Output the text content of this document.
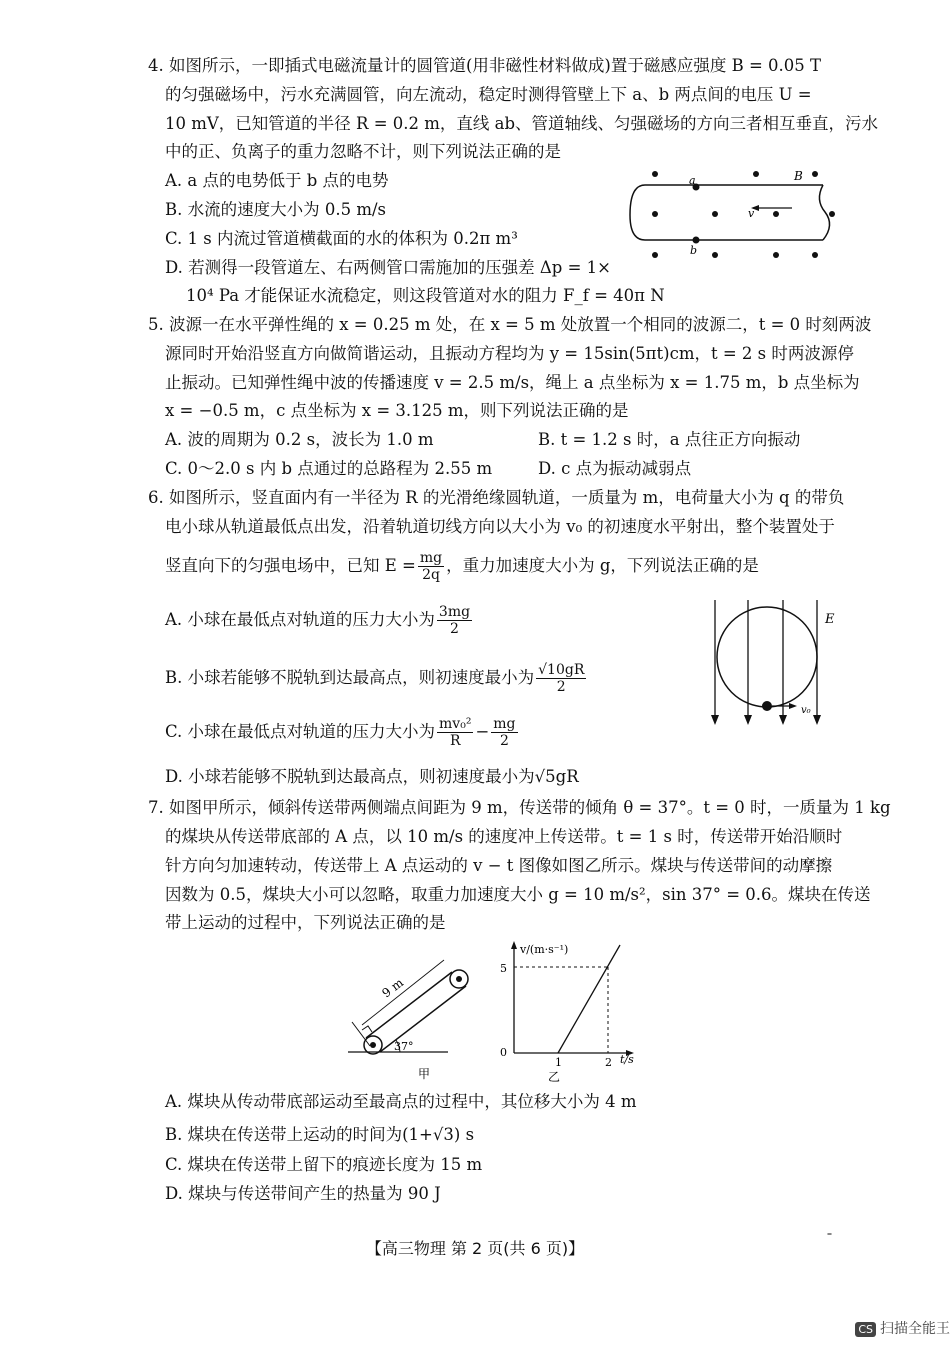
4. 如图所示，一即插式电磁流量计的圆管道(用非磁性材料做成)置于磁感应强度 B = 0.05 T
的匀强磁场中，污水充满圆管，向左流动，稳定时测得管壁上下 a、b 两点间的电压 U =
10 mV，已知管道的半径 R = 0.2 m，直线 ab、管道轴线、匀强磁场的方向三者相互垂直，污水
中的正、负离子的重力忽略不计，则下列说法正确的是
A. a 点的电势低于 b 点的电势
B. 水流的速度大小为 0.5 m/s
C. 1 s 内流过管道横截面的水的体积为 0.2π m³
D. 若测得一段管道左、右两侧管口需施加的压强差 Δp = 1×
10⁴ Pa 才能保证水流稳定，则这段管道对水的阻力 F_f = 40π N
a
b
B
v
5. 波源一在水平弹性绳的 x = 0.25 m 处，在 x = 5 m 处放置一个相同的波源二，t = 0 时刻两波
源同时开始沿竖直方向做简谐运动，且振动方程均为 y = 15sin(5πt)cm，t = 2 s 时两波源停
止振动。已知弹性绳中波的传播速度 v = 2.5 m/s，绳上 a 点坐标为 x = 1.75 m，b 点坐标为
x = −0.5 m，c 点坐标为 x = 3.125 m，则下列说法正确的是
A. 波的周期为 0.2 s，波长为 1.0 m	B. t = 1.2 s 时，a 点往正方向振动
C. 0～2.0 s 内 b 点通过的总路程为 2.55 m	D. c 点为振动减弱点
6. 如图所示，竖直面内有一半径为 R 的光滑绝缘圆轨道，一质量为 m，电荷量大小为 q 的带负
电小球从轨道最低点出发，沿着轨道切线方向以大小为 v₀ 的初速度水平射出，整个装置处于
竖直向下的匀强电场中，已知 $E = \frac{mg}{2q}$ ，重力加速度大小为 g，下列说法正确的是
A. 小球在最低点对轨道的压力大小为 $\frac{3mg}{2}$
B. 小球若能够不脱轨到达最高点，则初速度最小为 $\frac{√10gR}{2}$
C. 小球在最低点对轨道的压力大小为 $\frac{\text{mv₀²}}{R} - \frac{mg}{2}$
D. 小球若能够不脱轨到达最高点，则初速度最小为√5gR
E
v₀
7. 如图甲所示，倾斜传送带两侧端点间距为 9 m，传送带的倾角 θ = 37°。t = 0 时，一质量为 1 kg
的煤块从传送带底部的 A 点，以 10 m/s 的速度冲上传送带。t = 1 s 时，传送带开始沿顺时
针方向匀加速转动，传送带上 A 点运动的 v − t 图像如图乙所示。煤块与传送带间的动摩擦
因数为 0.5，煤块大小可以忽略，取重力加速度大小 g = 10 m/s²，sin 37° = 0.6。煤块在传送
带上运动的过程中，下列说法正确的是
9 m
37°
甲
v/(m·s⁻¹)
5
0
1	2 t/s
乙
A. 煤块从传动带底部运动至最高点的过程中，其位移大小为 4 m
B. 煤块在传送带上运动的时间为(1+√3) s
C. 煤块在传送带上留下的痕迹长度为 15 m
D. 煤块与传送带间产生的热量为 90 J
【高三物理 第 2 页(共 6 页)】	ˉ
CS 扫描全能王
